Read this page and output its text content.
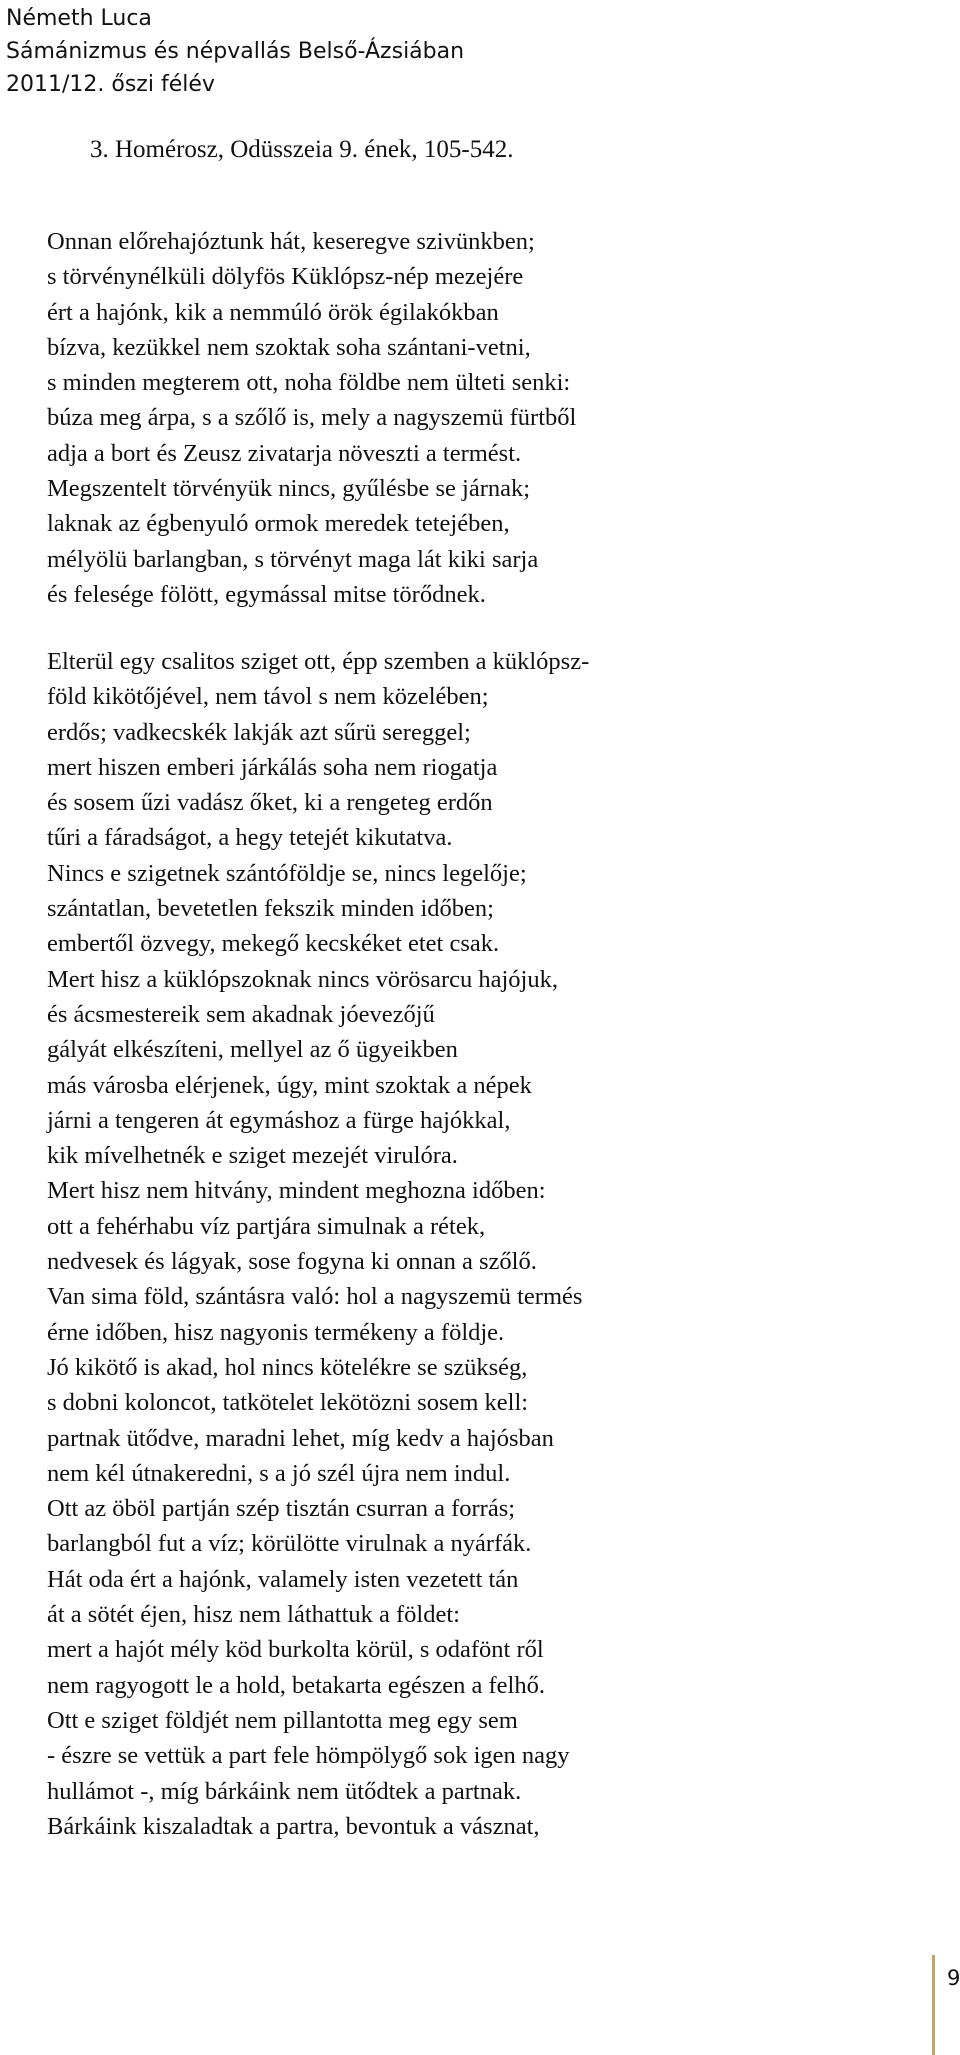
Németh Luca
Sámánizmus és népvallás Belső-Ázsiában
2011/12. őszi félév
3. Homérosz, Odüsszeia 9. ének, 105-542.
Onnan előrehajóztunk hát, keseregve szivünkben;
s törvénynélküli dölyfös Küklópsz-nép mezejére
ért a hajónk, kik a nemmúló örök égilakókban
bízva, kezükkel nem szoktak soha szántani-vetni,
s minden megterem ott, noha földbe nem ülteti senki:
búza meg árpa, s a szőlő is, mely a nagyszemü fürtből
adja a bort és Zeusz zivatarja növeszti a termést.
Megszentelt törvényük nincs, gyűlésbe se járnak;
laknak az égbenyuló ormok meredek tetejében,
mélyölü barlangban, s törvényt maga lát kiki sarja
és felesége fölött, egymással mitse törődnek.
Elterül egy csalitos sziget ott, épp szemben a küklópsz-
föld kikötőjével, nem távol s nem közelében;
erdős; vadkecskék lakják azt sűrü sereggel;
mert hiszen emberi járkálás soha nem riogatja
és sosem űzi vadász őket, ki a rengeteg erdőn
tűri a fáradságot, a hegy tetejét kikutatva.
Nincs e szigetnek szántóföldje se, nincs legelője;
szántatlan, bevetetlen fekszik minden időben;
embertől özvegy, mekegő kecskéket etet csak.
Mert hisz a küklópszoknak nincs vörösarcu hajójuk,
és ácsmestereik sem akadnak jóevezőjű
gályát elkészíteni, mellyel az ő ügyeikben
más városba elérjenek, úgy, mint szoktak a népek
járni a tengeren át egymáshoz a fürge hajókkal,
kik mívelhetnék e sziget mezejét virulóra.
Mert hisz nem hitvány, mindent meghozna időben:
ott a fehérhabu víz partjára simulnak a rétek,
nedvesek és lágyak, sose fogyna ki onnan a szőlő.
Van sima föld, szántásra való: hol a nagyszemü termés
érne időben, hisz nagyonis termékeny a földje.
Jó kikötő is akad, hol nincs kötelékre se szükség,
s dobni koloncot, tatkötelet lekötözni sosem kell:
partnak ütődve, maradni lehet, míg kedv a hajósban
nem kél útnakeredni, s a jó szél újra nem indul.
Ott az öböl partján szép tisztán csurran a forrás;
barlangból fut a víz; körülötte virulnak a nyárfák.
Hát oda ért a hajónk, valamely isten vezetett tán
át a sötét éjen, hisz nem láthattuk a földet:
mert a hajót mély köd burkolta körül, s odafönt ről
nem ragyogott le a hold, betakarta egészen a felhő.
Ott e sziget földjét nem pillantotta meg egy sem
- észre se vettük a part fele hömpölygő sok igen nagy
hullámot -, míg bárkáink nem ütődtek a partnak.
Bárkáink kiszaladtak a partra, bevontuk a vásznat,
9
